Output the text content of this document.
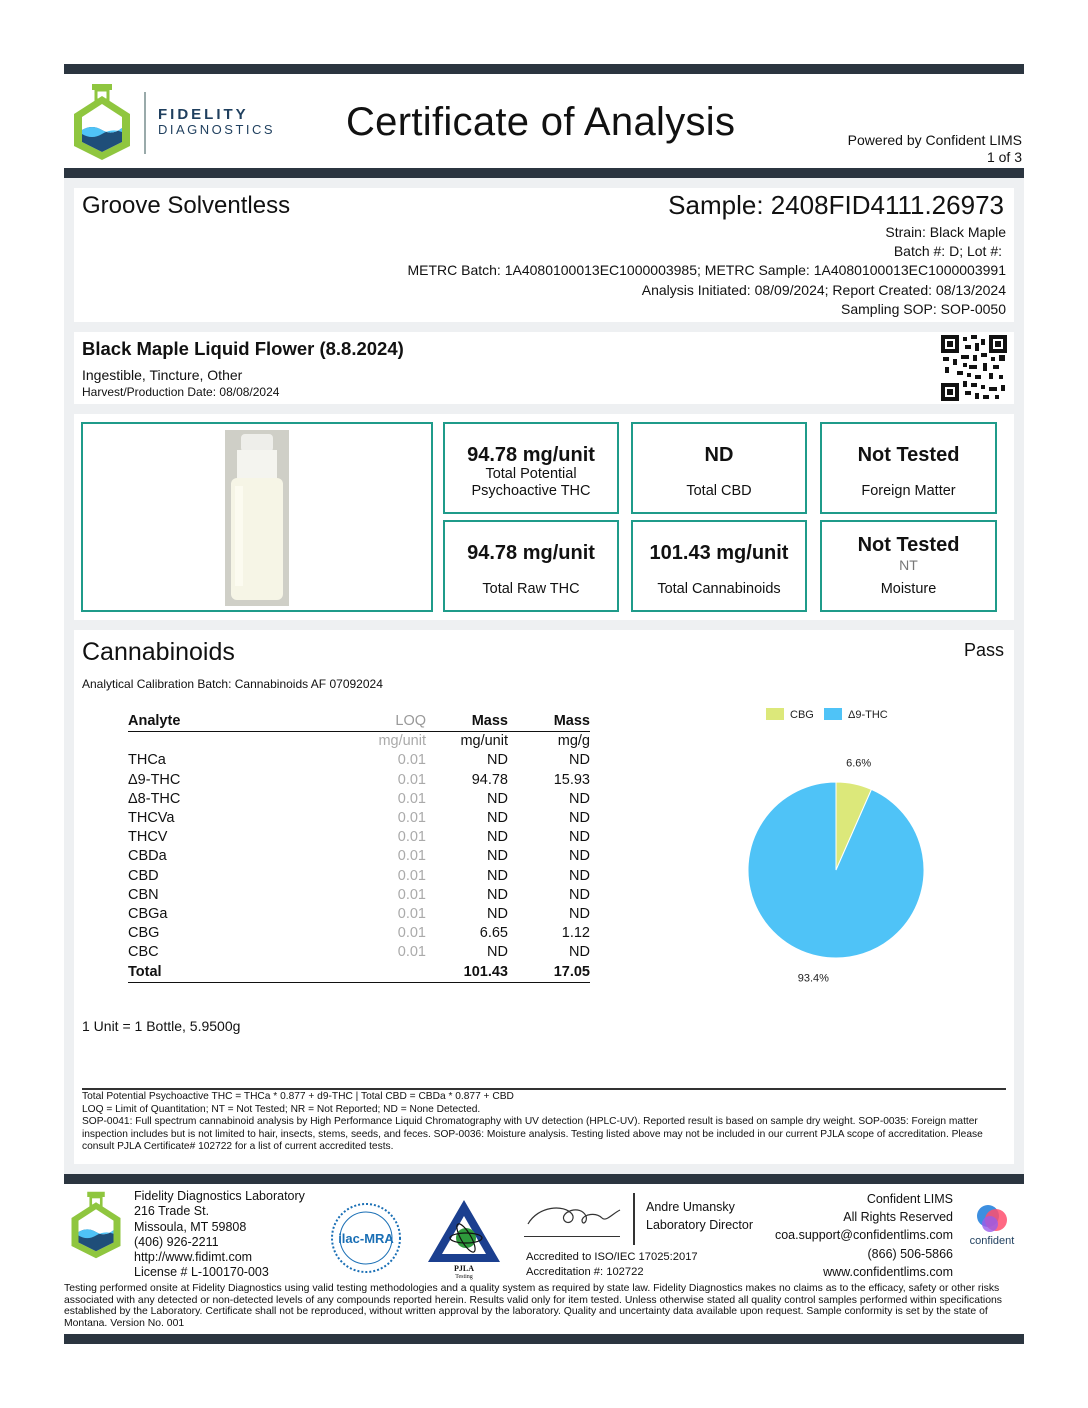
FIDELITY
DIAGNOSTICS Certificate of Analysis	Powered by Confident LIMS
1 of 3
Groove Solventless	Sample: 2408FID4111.26973
Strain: Black Maple
Batch #: D; Lot #:
METRC Batch: 1A4080100013EC1000003985; METRC Sample: 1A4080100013EC1000003991
Analysis Initiated: 08/09/2024; Report Created: 08/13/2024
Sampling SOP: SOP-0050
Black Maple Liquid Flower (8.8.2024)
Ingestible, Tincture, Other
Harvest/Production Date: 08/08/2024
94.78 mg/unit
Total Potential Psychoactive THC
ND
Total CBD
Not Tested
Foreign Matter
94.78 mg/unit
Total Raw THC
101.43 mg/unit
Total Cannabinoids
Not Tested
NT
Moisture
Cannabinoids	Pass
Analytical Calibration Batch: Cannabinoids AF 07092024
1 Unit = 1 Bottle, 5.9500g
Analyte	LOQ	Mass	Mass
	mg/unit	mg/unit	mg/g
THCa	0.01	ND	ND
Δ9-THC	0.01	94.78	15.93
Δ8-THC	0.01	ND	ND
THCVa	0.01	ND	ND
THCV	0.01	ND	ND
CBDa	0.01	ND	ND
CBD	0.01	ND	ND
CBN	0.01	ND	ND
CBGa	0.01	ND	ND
CBG	0.01	6.65	1.12
CBC	0.01	ND	ND
Total		101.43	17.05
CBG	Δ9-THC
6.6%
93.4%
Total Potential Psychoactive THC = THCa * 0.877 + d9-THC | Total CBD = CBDa * 0.877 + CBD
LOQ = Limit of Quantitation; NT = Not Tested; NR = Not Reported; ND = None Detected.
SOP-0041: Full spectrum cannabinoid analysis by High Performance Liquid Chromatography with UV detection (HPLC-UV). Reported result is based on sample dry weight. SOP-0035: Foreign matter inspection includes but is not limited to hair, insects, stems, seeds, and feces. SOP-0036: Moisture analysis. Testing listed above may not be included in our current PJLA scope of accreditation. Please consult PJLA Certificate# 102722 for a list of current accredited tests.
Fidelity Diagnostics Laboratory
216 Trade St.
Missoula, MT 59808
(406) 926-2211
http://www.fidimt.com
License # L-100170-003
ilac-MRA
PJLA
Testing
Andre Umansky
Laboratory Director
Accredited to ISO/IEC 17025:2017
Accreditation #: 102722
Confident LIMS
All Rights Reserved
coa.support@confidentlims.com
(866) 506-5866
www.confidentlims.com
confident
Testing performed onsite at Fidelity Diagnostics using valid testing methodologies and a quality system as required by state law. Fidelity Diagnostics makes no claims as to the efficacy, safety or other risks associated with any detected or non-detected levels of any compounds reported herein. Results valid only for item tested. Unless otherwise stated all quality control samples performed within specifications established by the Laboratory. Certificate shall not be reproduced, without written approval by the laboratory. Quality and uncertainty data available upon request. Sample conformity is set by the state of Montana. Version No. 001
